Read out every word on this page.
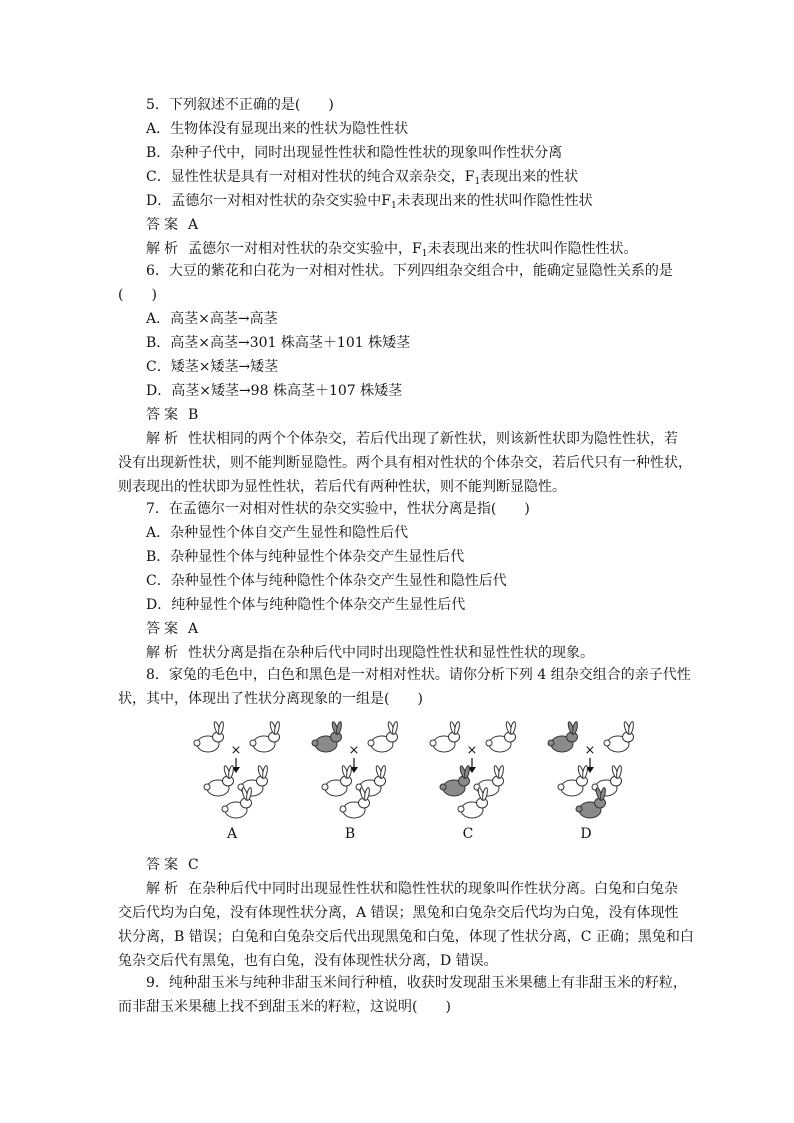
5．下列叙述不正确的是(　　)
A．生物体没有显现出来的性状为隐性性状
B．杂种子代中，同时出现显性性状和隐性性状的现象叫作性状分离
C．显性性状是具有一对相对性状的纯合双亲杂交，$F_1$表现出来的性状
D．孟德尔一对相对性状的杂交实验中$F_1$未表现出来的性状叫作隐性性状
答案 A
解析 孟德尔一对相对性状的杂交实验中，$F_1$未表现出来的性状叫作隐性性状。
6．大豆的紫花和白花为一对相对性状。下列四组杂交组合中，能确定显隐性关系的是
(　　)
A．高茎×高茎→高茎
B．高茎×高茎→301 株高茎＋101 株矮茎
C．矮茎×矮茎→矮茎
D．高茎×矮茎→98 株高茎＋107 株矮茎
答案 B
解析 性状相同的两个个体杂交，若后代出现了新性状，则该新性状即为隐性性状，若
没有出现新性状，则不能判断显隐性。两个具有相对性状的个体杂交，若后代只有一种性状，
则表现出的性状即为显性性状，若后代有两种性状，则不能判断显隐性。
7．在孟德尔一对相对性状的杂交实验中，性状分离是指(　　)
A．杂种显性个体自交产生显性和隐性后代
B．杂种显性个体与纯种显性个体杂交产生显性后代
C．杂种显性个体与纯种隐性个体杂交产生显性和隐性后代
D．纯种显性个体与纯种隐性个体杂交产生显性后代
答案 A
解析 性状分离是指在杂种后代中同时出现隐性性状和显性性状的现象。
8．家兔的毛色中，白色和黑色是一对相对性状。请你分析下列 4 组杂交组合的亲子代性
状，其中，体现出了性状分离现象的一组是(　　)
×
A
×
B
×
C
×
D
答案 C
解析 在杂种后代中同时出现显性性状和隐性性状的现象叫作性状分离。白兔和白兔杂
交后代均为白兔，没有体现性状分离，A 错误；黑兔和白兔杂交后代均为白兔，没有体现性
状分离，B 错误；白兔和白兔杂交后代出现黑兔和白兔，体现了性状分离，C 正确；黑兔和白
兔杂交后代有黑兔，也有白兔，没有体现性状分离，D 错误。
9．纯种甜玉米与纯种非甜玉米间行种植，收获时发现甜玉米果穗上有非甜玉米的籽粒，
而非甜玉米果穗上找不到甜玉米的籽粒，这说明(　　)
